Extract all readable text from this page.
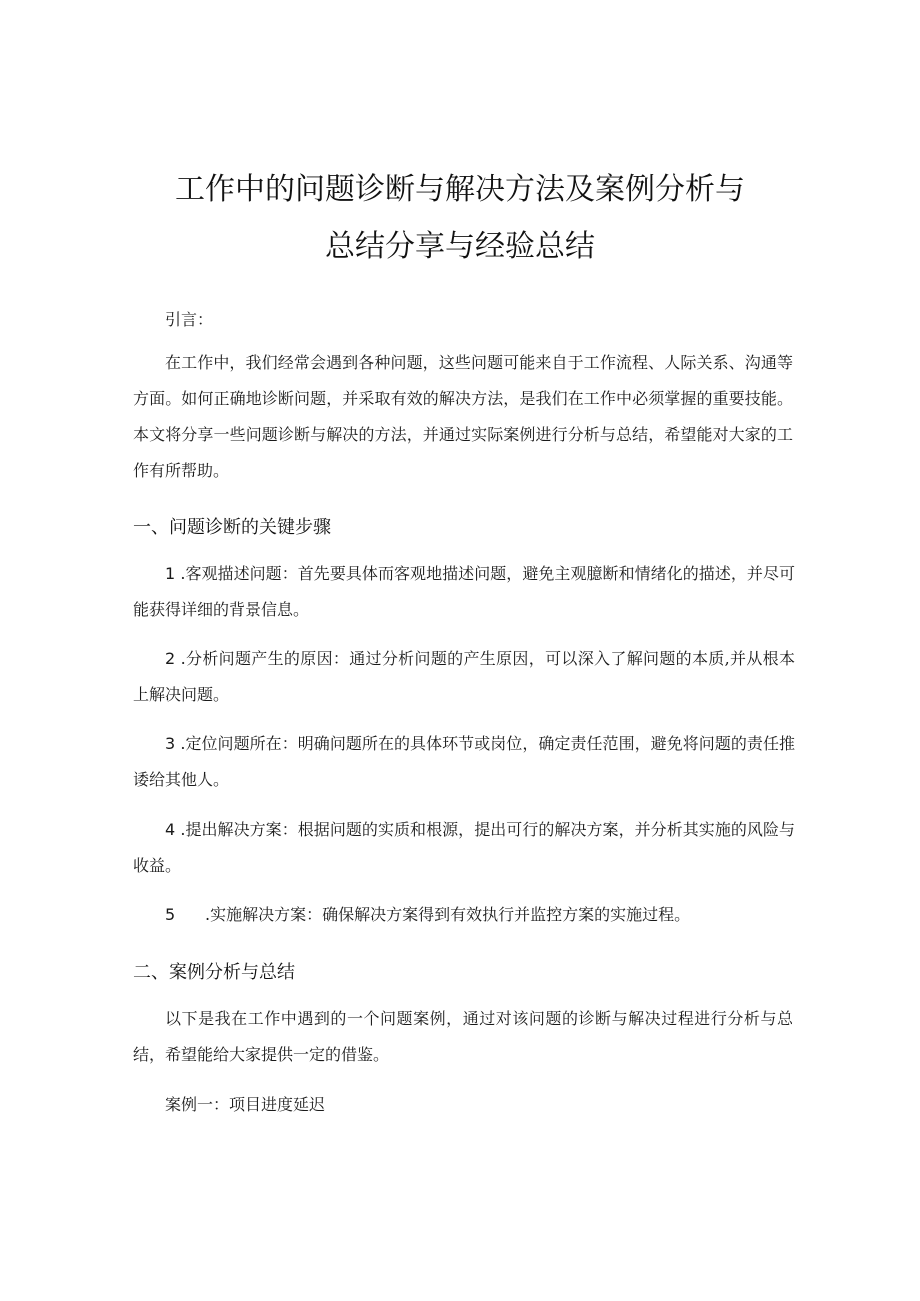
工作中的问题诊断与解决方法及案例分析与
总结分享与经验总结

引言：

在工作中，我们经常会遇到各种问题，这些问题可能来自于工作流程、人际关系、沟通等方面。如何正确地诊断问题，并采取有效的解决方法，是我们在工作中必须掌握的重要技能。本文将分享一些问题诊断与解决的方法，并通过实际案例进行分析与总结，希望能对大家的工作有所帮助。

一、问题诊断的关键步骤

1 .客观描述问题：首先要具体而客观地描述问题，避免主观臆断和情绪化的描述，并尽可能获得详细的背景信息。

2 .分析问题产生的原因：通过分析问题的产生原因，可以深入了解问题的本质,并从根本上解决问题。

3 .定位问题所在：明确问题所在的具体环节或岗位，确定责任范围，避免将问题的责任推诿给其他人。

4 .提出解决方案：根据问题的实质和根源，提出可行的解决方案，并分析其实施的风险与收益。

5 .实施解决方案：确保解决方案得到有效执行并监控方案的实施过程。

二、案例分析与总结

以下是我在工作中遇到的一个问题案例，通过对该问题的诊断与解决过程进行分析与总结，希望能给大家提供一定的借鉴。

案例一：项目进度延迟
